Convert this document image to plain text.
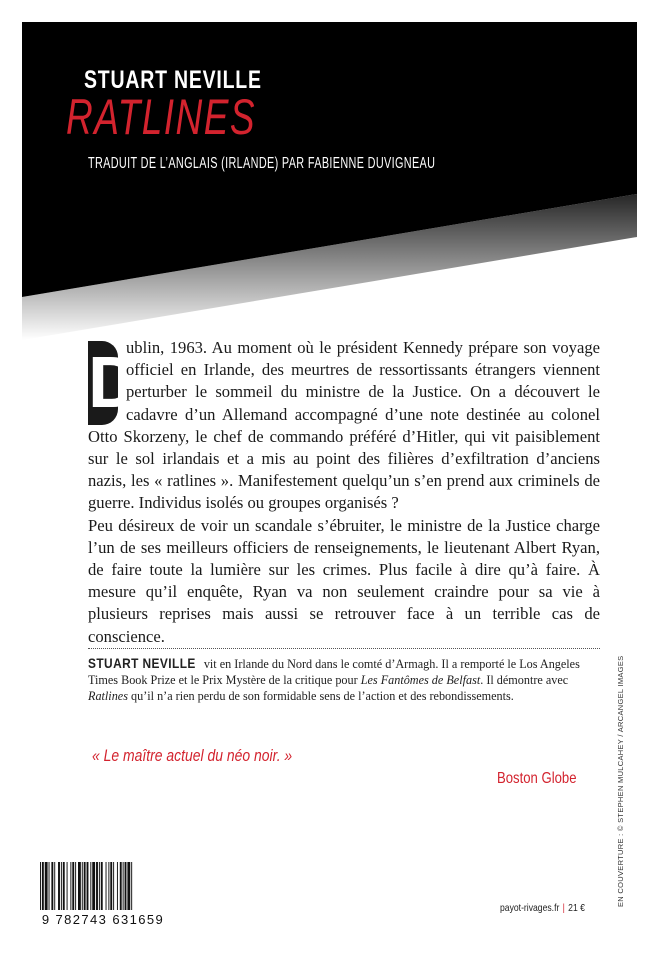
STUART NEVILLE
RATLINES
TRADUIT DE L’ANGLAIS (IRLANDE) PAR FABIENNE DUVIGNEAU
D

ublin, 1963. Au moment où le président Kennedy prépare son voyage officiel en Irlande, des meurtres de ressortissants étrangers viennent perturber le sommeil du ministre de la Justice. On a découvert le cadavre d’un Allemand accompagné d’une note destinée au colonel Otto Skorzeny, le chef de commando préféré d’Hitler, qui vit paisiblement sur le sol irlandais et a mis au point des filières d’exfiltration d’anciens nazis, les « ratlines ». Manifestement quelqu’un s’en prend aux criminels de guerre. Individus isolés ou groupes organisés ?

Peu désireux de voir un scandale s’ébruiter, le ministre de la Justice charge l’un de ses meilleurs officiers de renseignements, le lieutenant Albert Ryan, de faire toute la lumière sur les crimes. Plus facile à dire qu’à faire. À mesure qu’il enquête, Ryan va non seulement craindre pour sa vie à plusieurs reprises mais aussi se retrouver face à un terrible cas de conscience.

STUART NEVILLE vit en Irlande du Nord dans le comté d’Armagh. Il a remporté le Los Angeles Times Book Prize et le Prix Mystère de la critique pour Les Fantômes de Belfast. Il démontre avec Ratlines qu’il n’a rien perdu de son formidable sens de l’action et des rebondissements.
« Le maître actuel du néo noir. »
Boston Globe	EN COUVERTURE : © STEPHEN MULCAHEY / ARCANGEL IMAGES
9 782743 631659
payot-rivages.fr | 21 €
